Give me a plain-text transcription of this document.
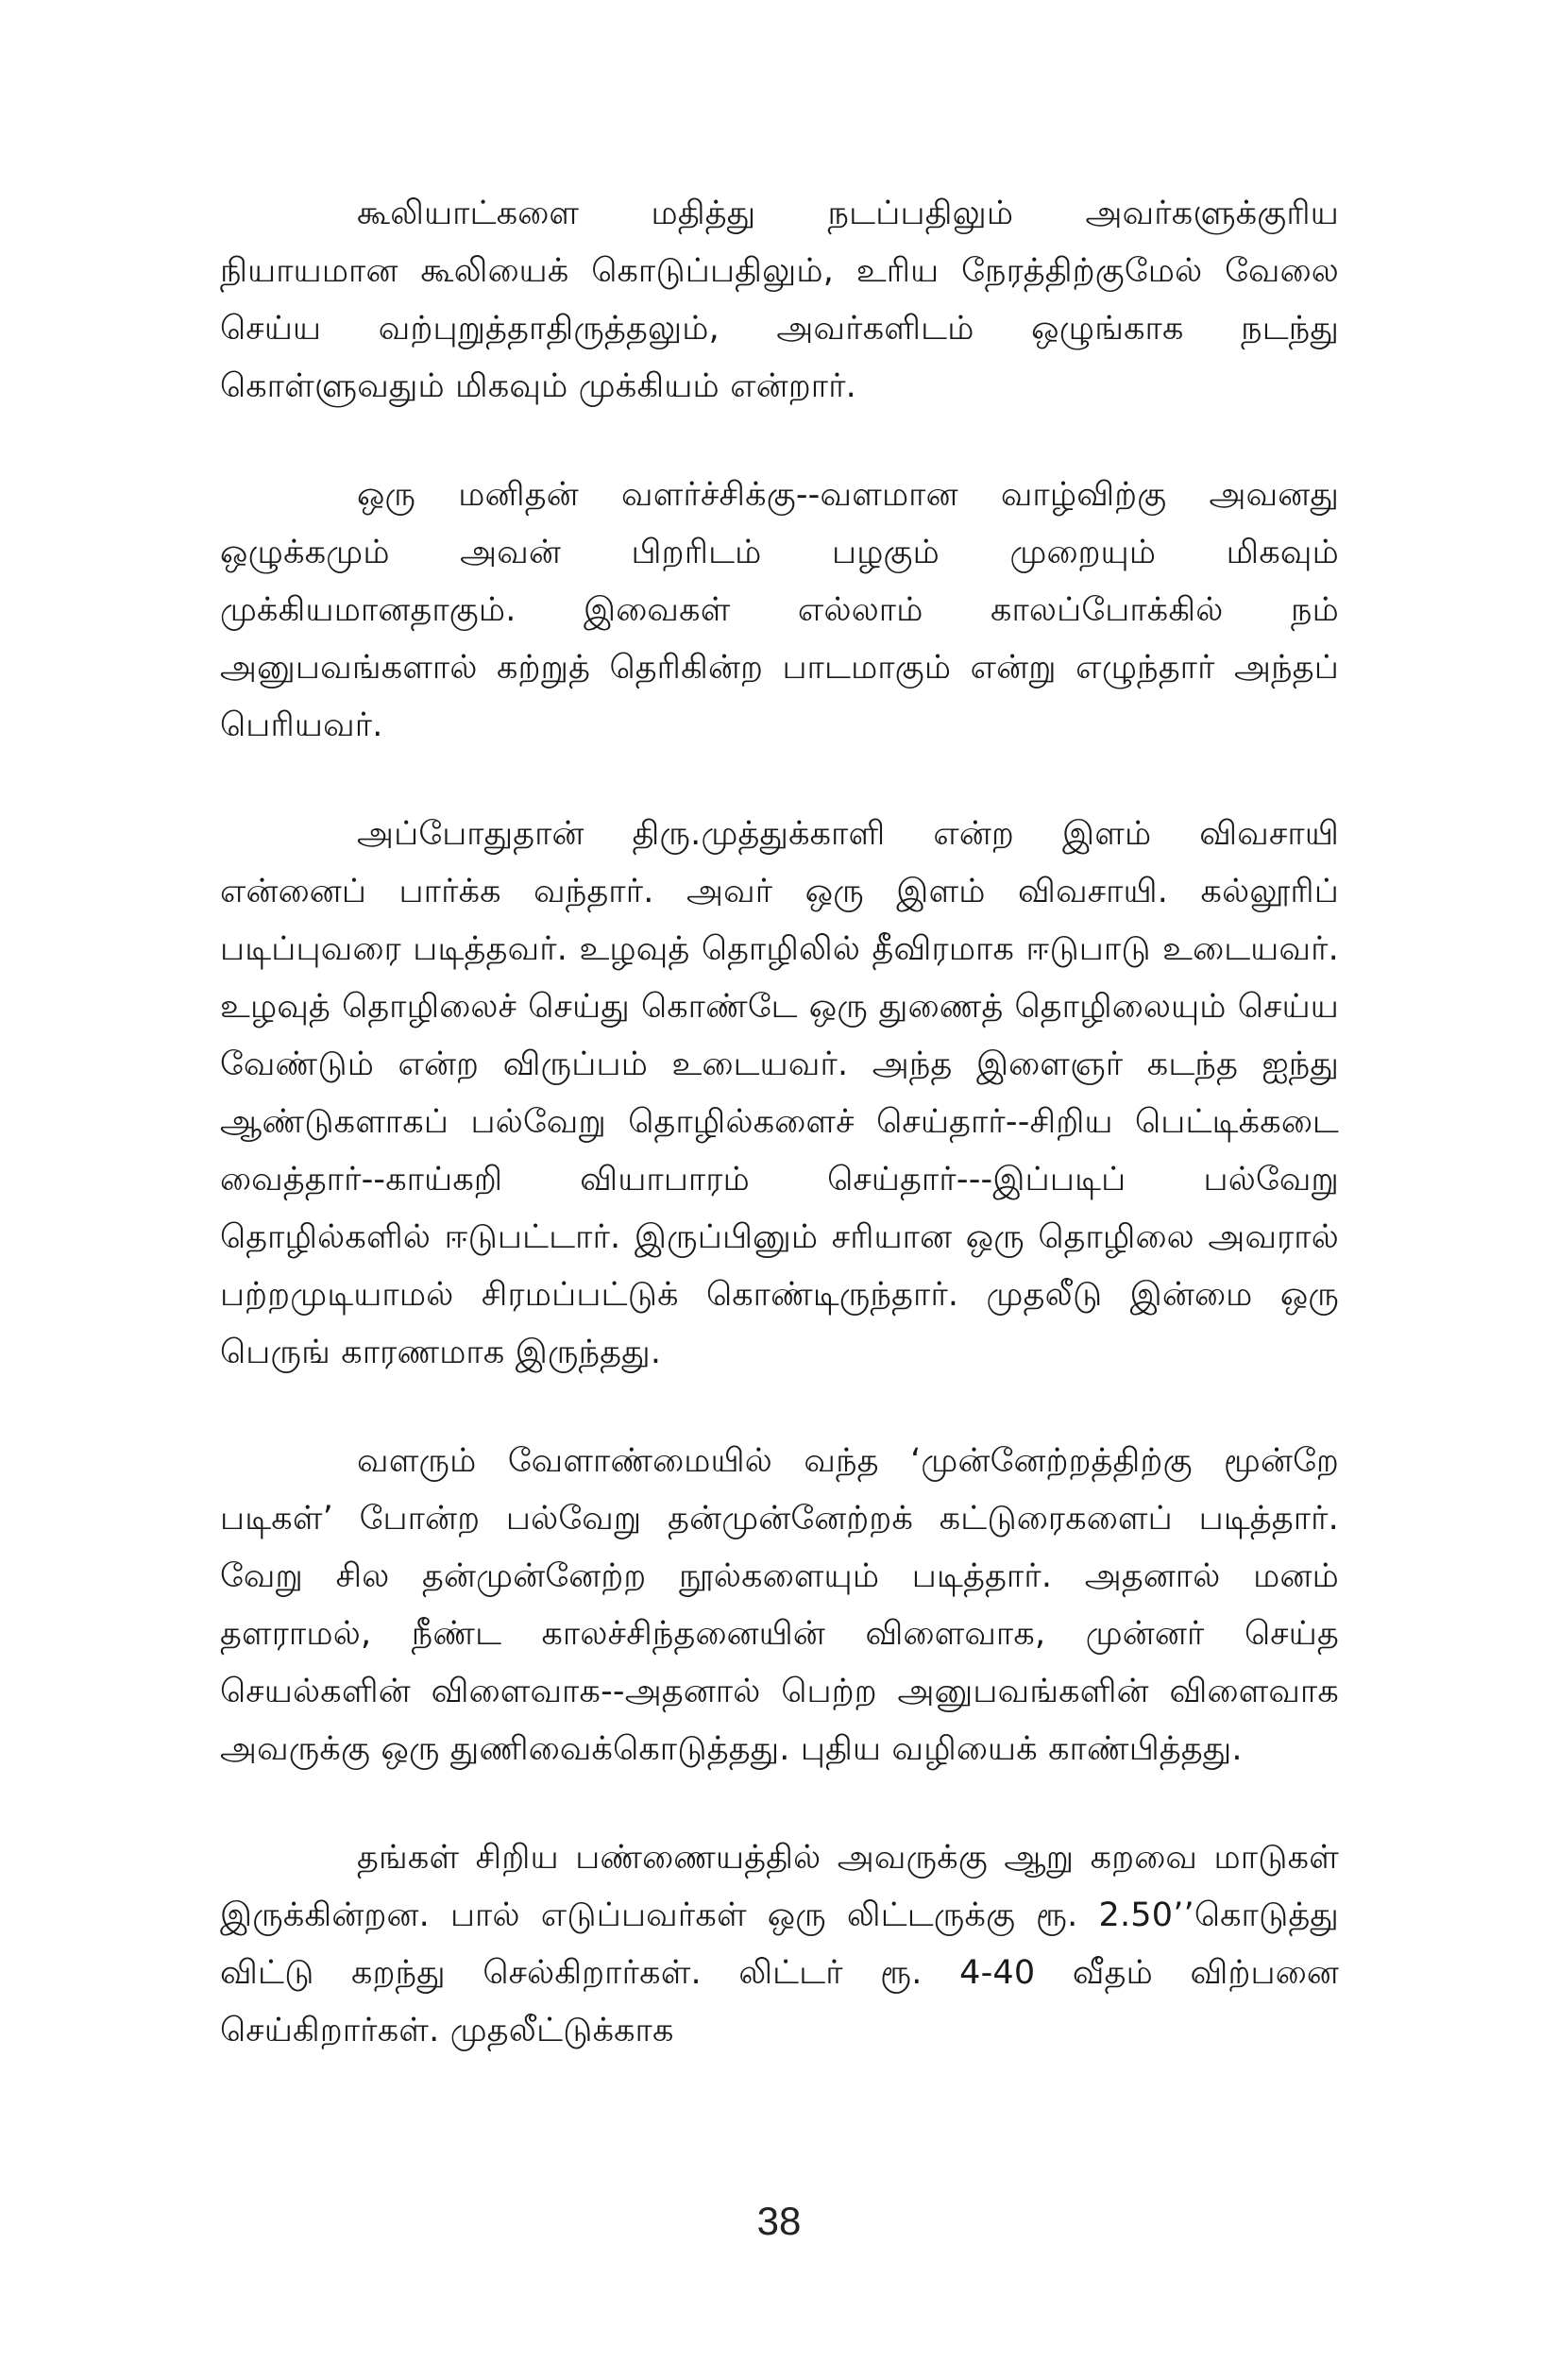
கூலியாட்களை மதித்து நடப்பதிலும் அவர்களுக்குரிய நியாயமான கூலியைக் கொடுப்பதிலும், உரிய நேரத்திற்குமேல் வேலை செய்ய வற்புறுத்தாதிருத்தலும், அவர்களிடம் ஒழுங்காக நடந்து கொள்ளுவதும் மிகவும் முக்கியம் என்றார்.

ஒரு மனிதன் வளர்ச்சிக்கு--வளமான வாழ்விற்கு அவனது ஒழுக்கமும் அவன் பிறரிடம் பழகும் முறையும் மிகவும் முக்கியமானதாகும். இவைகள் எல்லாம் காலப்போக்கில் நம் அனுபவங்களால் கற்றுத் தெரிகின்ற பாடமாகும் என்று எழுந்தார் அந்தப் பெரியவர்.

அப்போதுதான் திரு.முத்துக்காளி என்ற இளம் விவசாயி என்னைப் பார்க்க வந்தார். அவர் ஒரு இளம் விவசாயி. கல்லூரிப் படிப்புவரை படித்தவர். உழவுத் தொழிலில் தீவிரமாக ஈடுபாடு உடையவர். உழவுத் தொழிலைச் செய்து கொண்டே ஒரு துணைத் தொழிலையும் செய்ய வேண்டும் என்ற விருப்பம் உடையவர். அந்த இளைஞர் கடந்த ஐந்து ஆண்டுகளாகப் பல்வேறு தொழில்களைச் செய்தார்--சிறிய பெட்டிக்கடை வைத்தார்--காய்கறி வியாபாரம் செய்தார்---இப்படிப் பல்வேறு தொழில்களில் ஈடுபட்டார். இருப்பினும் சரியான ஒரு தொழிலை அவரால் பற்றமுடியாமல் சிரமப்பட்டுக் கொண்டிருந்தார். முதலீடு இன்மை ஒரு பெருங் காரணமாக இருந்தது.

வளரும் வேளாண்மையில் வந்த ‘முன்னேற்றத்திற்கு மூன்றே படிகள்’ போன்ற பல்வேறு தன்முன்னேற்றக் கட்டுரைகளைப் படித்தார். வேறு சில தன்முன்னேற்ற நூல்களையும் படித்தார். அதனால் மனம் தளராமல், நீண்ட காலச்சிந்தனையின் விளைவாக, முன்னர் செய்த செயல்களின் விளைவாக--அதனால் பெற்ற அனுபவங்களின் விளைவாக அவருக்கு ஒரு துணிவைக்கொடுத்தது. புதிய வழியைக் காண்பித்தது.

தங்கள் சிறிய பண்ணையத்தில் அவருக்கு ஆறு கறவை மாடுகள் இருக்கின்றன. பால் எடுப்பவர்கள் ஒரு லிட்டருக்கு ரூ. 2.50’’கொடுத்து விட்டு கறந்து செல்கிறார்கள். லிட்டர் ரூ. 4-40 வீதம் விற்பனை செய்கிறார்கள். முதலீட்டுக்காக

38
